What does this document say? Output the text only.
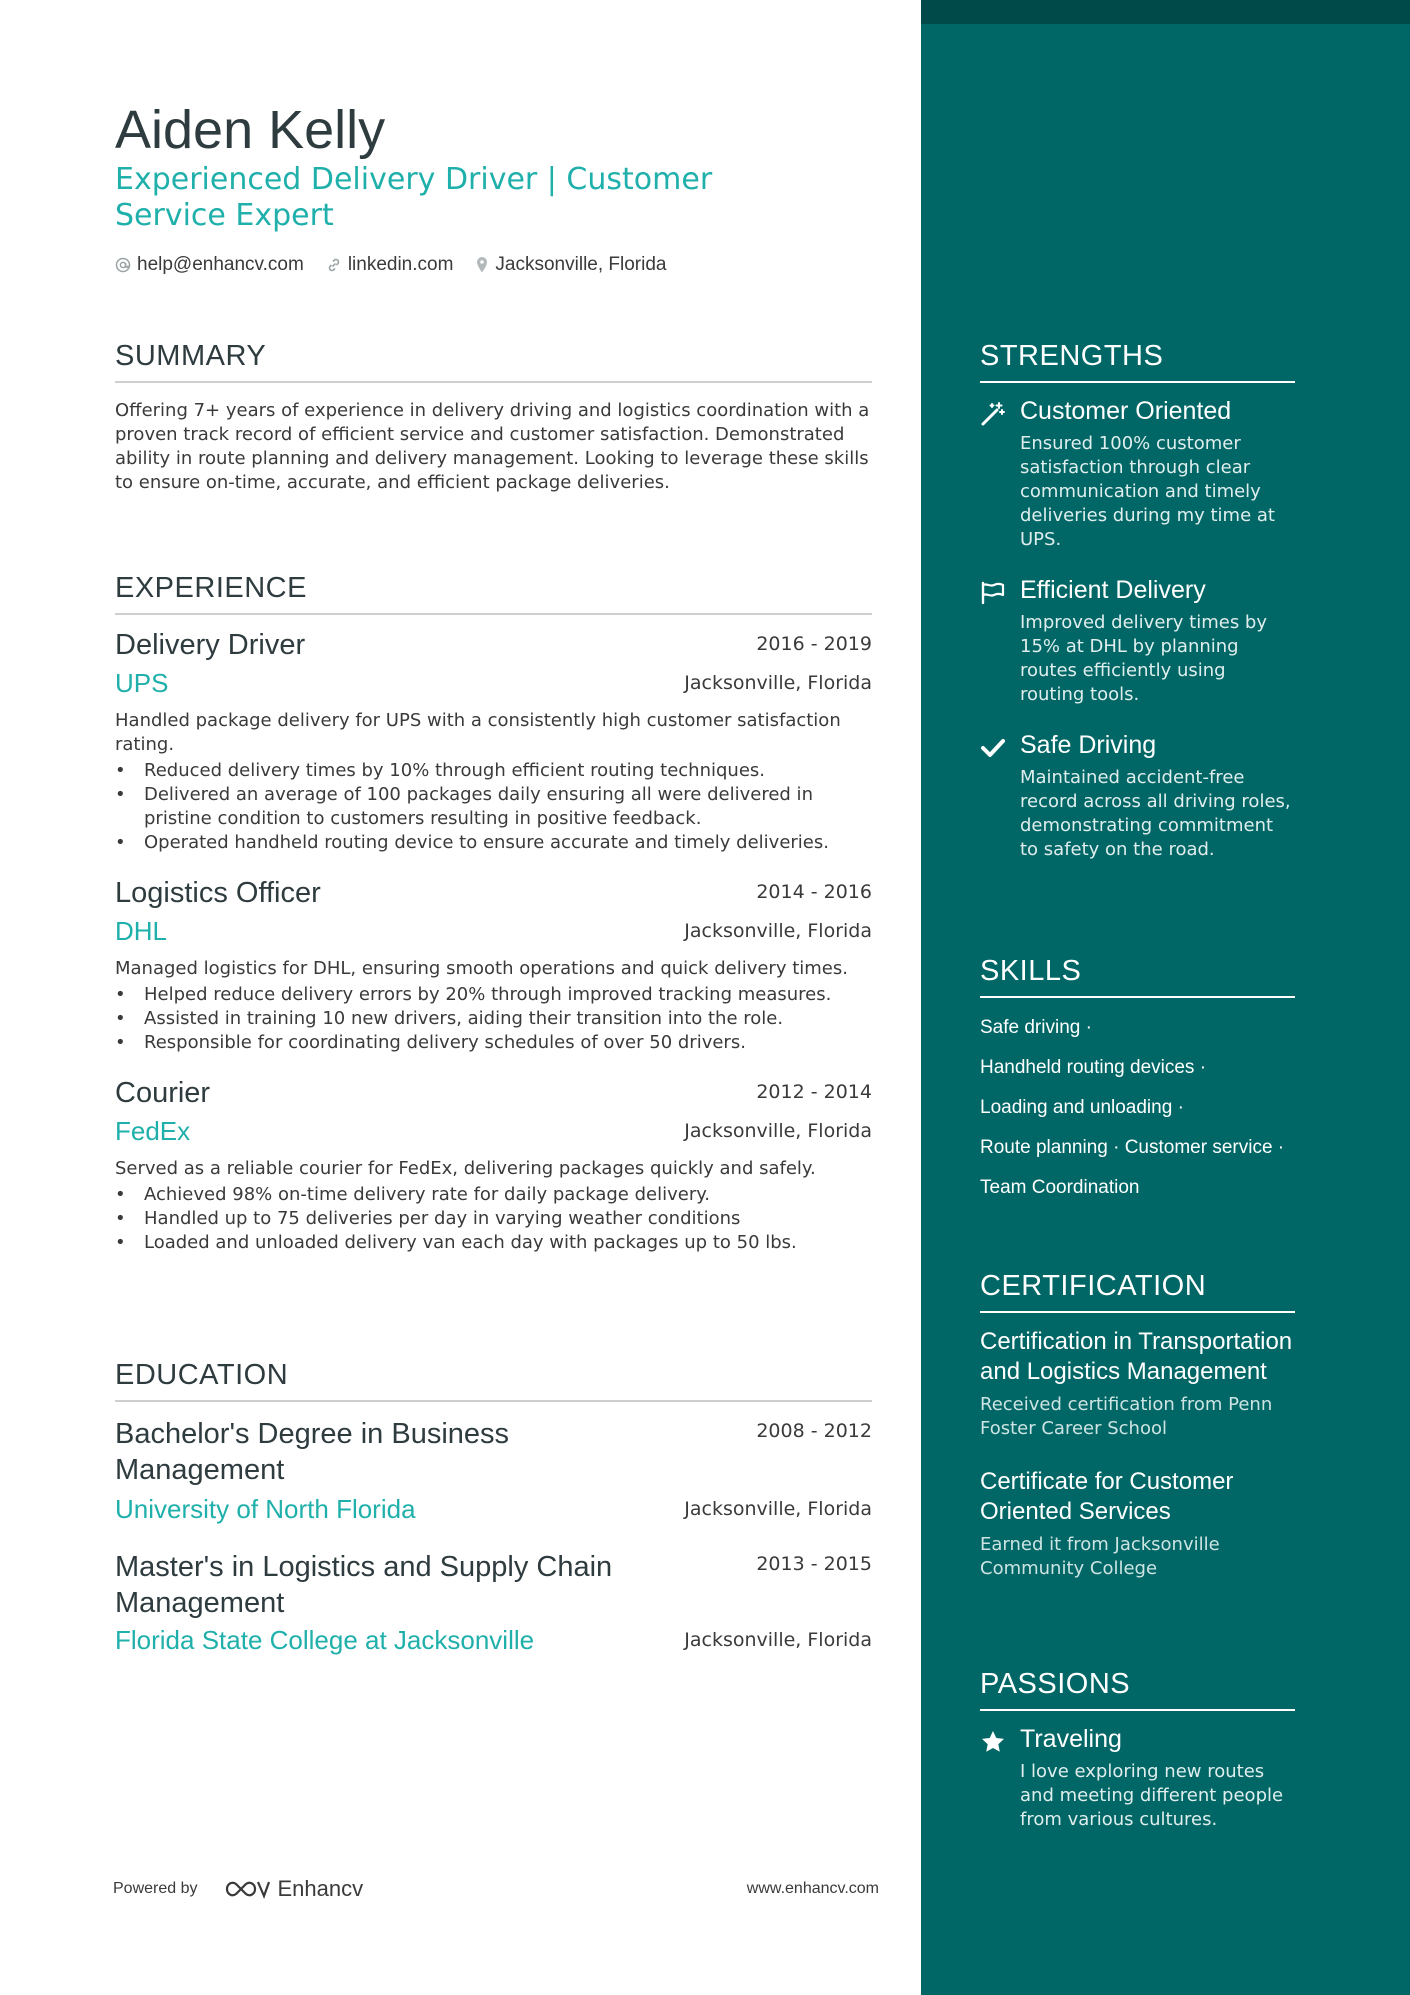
Aiden Kelly
Experienced Delivery Driver | Customer Service Expert
help@enhancv.com linkedin.com Jacksonville, Florida
SUMMARY

Offering 7+ years of experience in delivery driving and logistics coordination with a proven track record of efficient service and customer satisfaction. Demonstrated ability in route planning and delivery management. Looking to leverage these skills to ensure on-time, accurate, and efficient package deliveries.

EXPERIENCE
Delivery Driver	2016 - 2019
UPS	Jacksonville, Florida

Handled package delivery for UPS with a consistently high customer satisfaction rating.

• Reduced delivery times by 10% through efficient routing techniques.
• Delivered an average of 100 packages daily ensuring all were delivered in pristine condition to customers resulting in positive feedback.
• Operated handheld routing device to ensure accurate and timely deliveries.
Logistics Officer	2014 - 2016
DHL	Jacksonville, Florida

Managed logistics for DHL, ensuring smooth operations and quick delivery times.

• Helped reduce delivery errors by 20% through improved tracking measures.
• Assisted in training 10 new drivers, aiding their transition into the role.
• Responsible for coordinating delivery schedules of over 50 drivers.
Courier	2012 - 2014
FedEx	Jacksonville, Florida

Served as a reliable courier for FedEx, delivering packages quickly and safely.

• Achieved 98% on-time delivery rate for daily package delivery.
• Handled up to 75 deliveries per day in varying weather conditions
• Loaded and unloaded delivery van each day with packages up to 50 lbs.
EDUCATION
Bachelor's Degree in Business Management
2008 - 2012
University of North Florida	Jacksonville, Florida
Master's in Logistics and Supply Chain Management
2013 - 2015
Florida State College at Jacksonville	Jacksonville, Florida
Powered by	Enhancv	www.enhancv.com
STRENGTHS
Customer Oriented
Ensured 100% customer satisfaction through clear communication and timely deliveries during my time at UPS.
Efficient Delivery
Improved delivery times by 15% at DHL by planning routes efficiently using routing tools.
Safe Driving
Maintained accident-free record across all driving roles, demonstrating commitment to safety on the road.
SKILLS
Safe driving ·
Handheld routing devices ·
Loading and unloading ·
Route planning · Customer service ·
Team Coordination
CERTIFICATION
Certification in Transportation and Logistics Management
Received certification from Penn Foster Career School
Certificate for Customer Oriented Services
Earned it from Jacksonville Community College
PASSIONS
Traveling
I love exploring new routes and meeting different people from various cultures.
